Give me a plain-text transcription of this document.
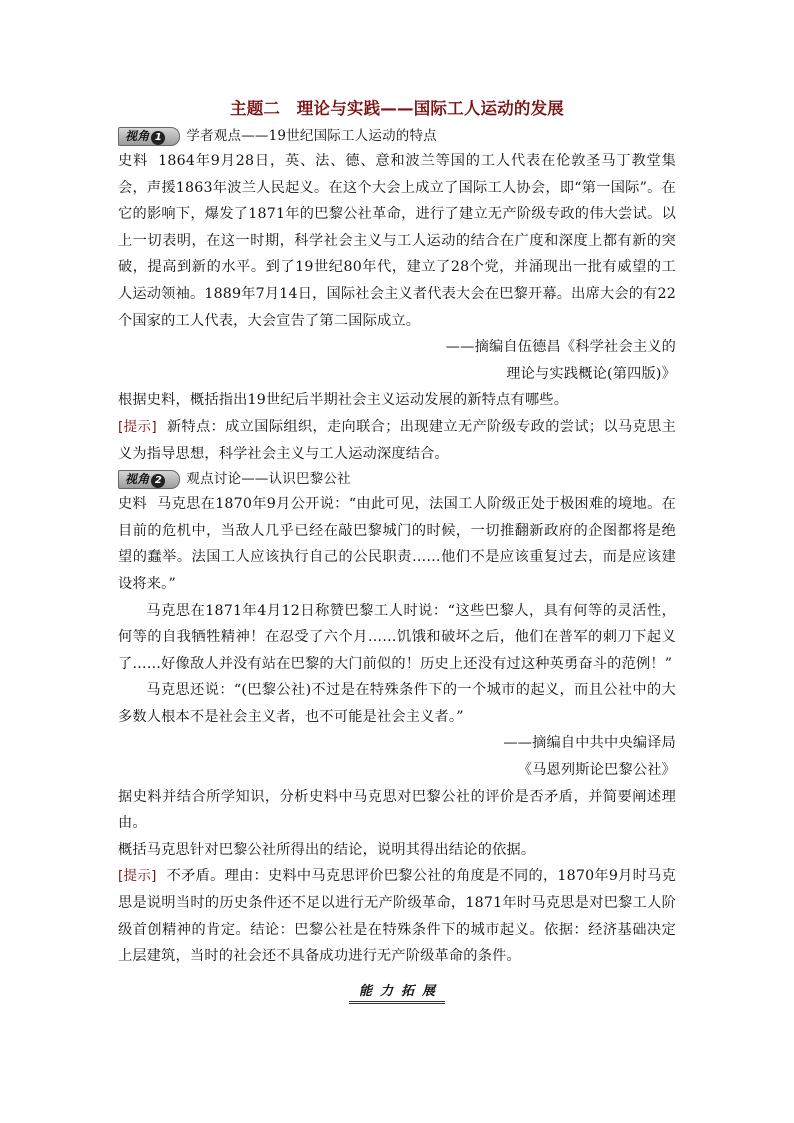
主题二　理论与实践——国际工人运动的发展
视角 1	学者观点——19世纪国际工人运动的特点

史料 1864年9月28日，英、法、德、意和波兰等国的工人代表在伦敦圣马丁教堂集会，声援1863年波兰人民起义。在这个大会上成立了国际工人协会，即“第一国际”。在它的影响下，爆发了1871年的巴黎公社革命，进行了建立无产阶级专政的伟大尝试。以上一切表明，在这一时期，科学社会主义与工人运动的结合在广度和深度上都有新的突破，提高到新的水平。到了19世纪80年代，建立了28个党，并涌现出一批有威望的工人运动领袖。1889年7月14日，国际社会主义者代表大会在巴黎开幕。出席大会的有22个国家的工人代表，大会宣告了第二国际成立。

——摘编自伍德昌《科学社会主义的

理论与实践概论(第四版)》

根据史料，概括指出19世纪后半期社会主义运动发展的新特点有哪些。

[提示] 新特点：成立国际组织，走向联合；出现建立无产阶级专政的尝试；以马克思主义为指导思想，科学社会主义与工人运动深度结合。

视角 2	观点讨论——认识巴黎公社

史料 马克思在1870年9月公开说：“由此可见，法国工人阶级正处于极困难的境地。在目前的危机中，当敌人几乎已经在敲巴黎城门的时候，一切推翻新政府的企图都将是绝望的蠢举。法国工人应该执行自己的公民职责……他们不是应该重复过去，而是应该建设将来。”

马克思在1871年4月12日称赞巴黎工人时说：“这些巴黎人，具有何等的灵活性，何等的自我牺牲精神！在忍受了六个月……饥饿和破坏之后，他们在普军的刺刀下起义了……好像敌人并没有站在巴黎的大门前似的！历史上还没有过这种英勇奋斗的范例！”

马克思还说：“(巴黎公社)不过是在特殊条件下的一个城市的起义，而且公社中的大多数人根本不是社会主义者，也不可能是社会主义者。”

——摘编自中共中央编译局

《马恩列斯论巴黎公社》

据史料并结合所学知识，分析史料中马克思对巴黎公社的评价是否矛盾，并简要阐述理由。

概括马克思针对巴黎公社所得出的结论，说明其得出结论的依据。

[提示] 不矛盾。理由：史料中马克思评价巴黎公社的角度是不同的，1870年9月时马克思是说明当时的历史条件还不足以进行无产阶级革命，1871年时马克思是对巴黎工人阶级首创精神的肯定。结论：巴黎公社是在特殊条件下的城市起义。依据：经济基础决定上层建筑，当时的社会还不具备成功进行无产阶级革命的条件。

能力拓展
